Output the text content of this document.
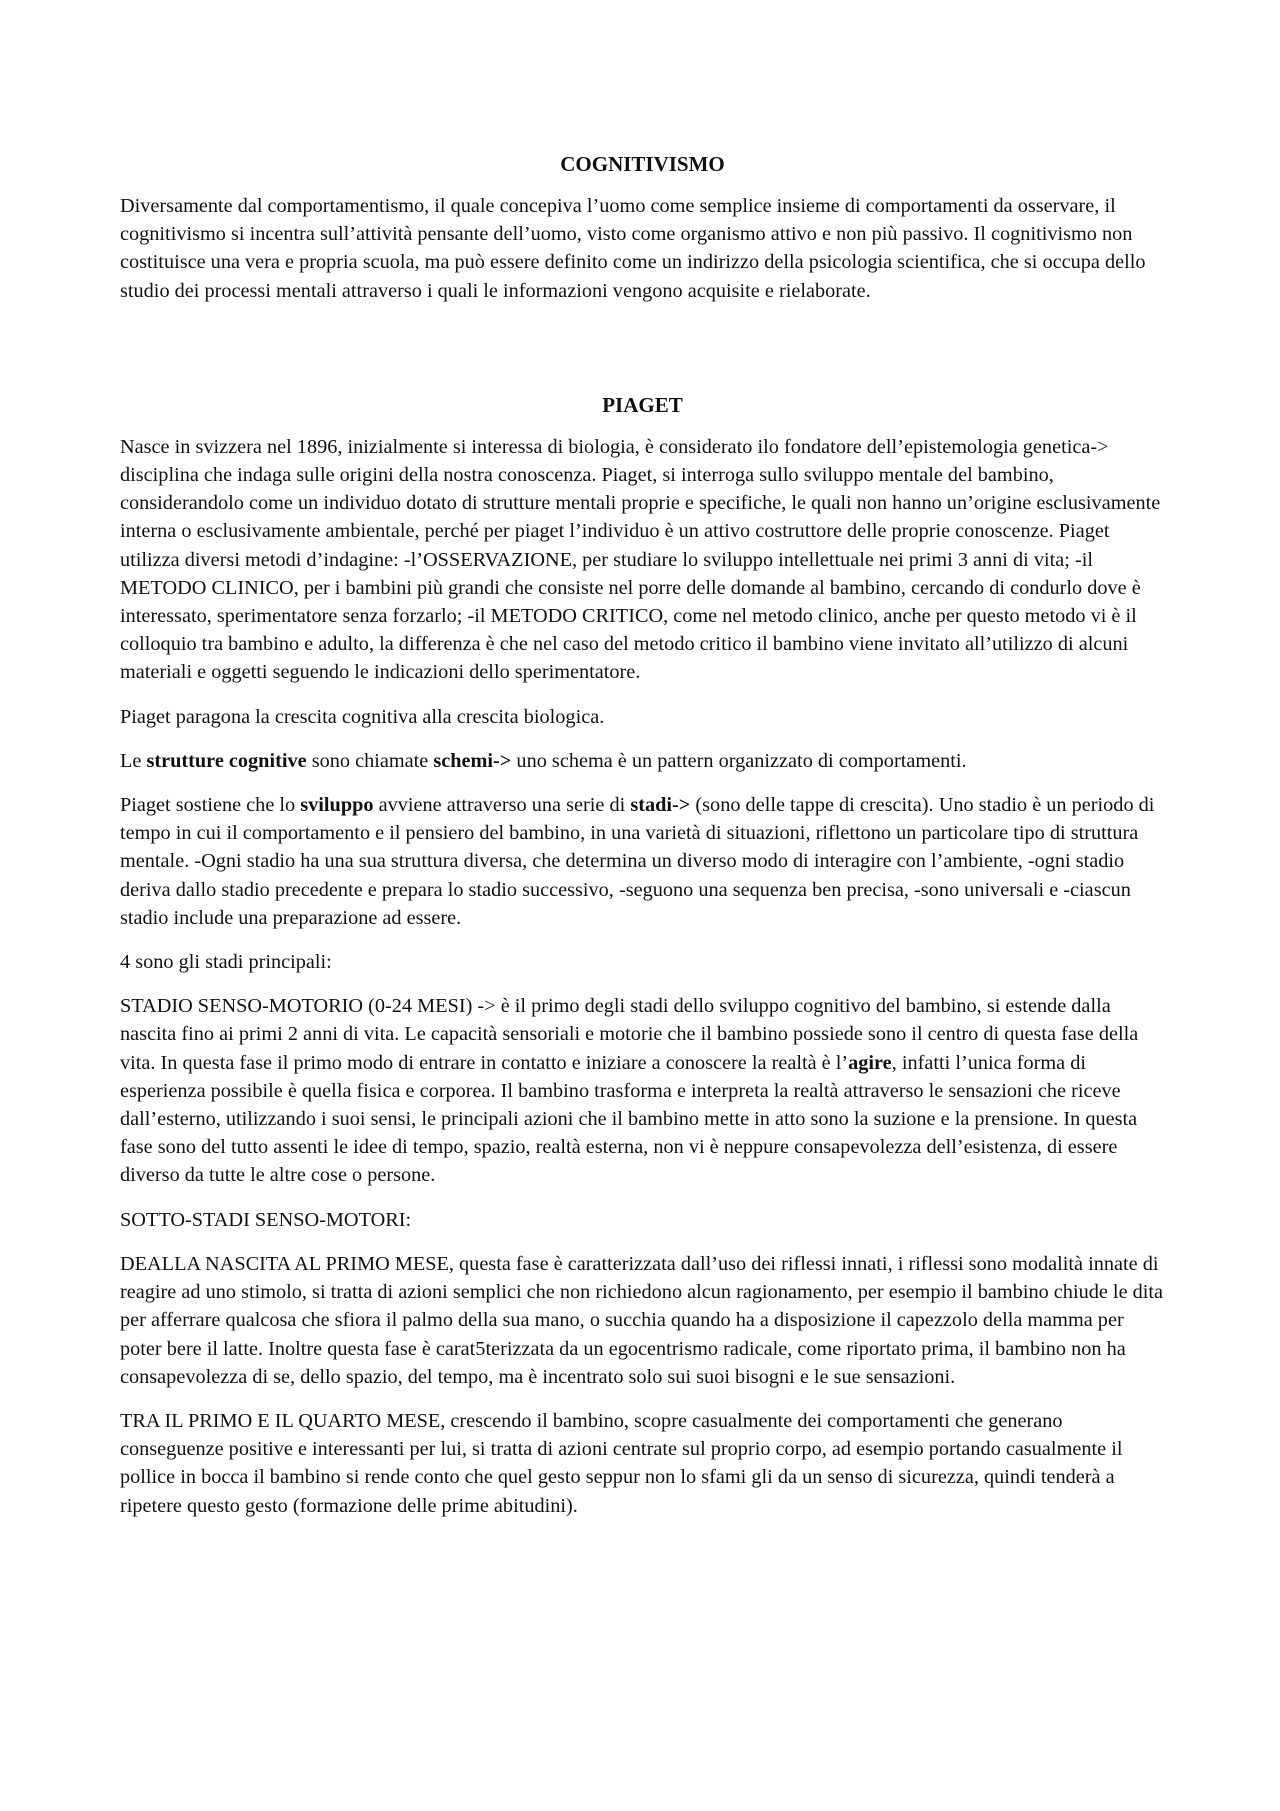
COGNITIVISMO
Diversamente dal comportamentismo, il quale concepiva l’uomo come semplice insieme di comportamenti da osservare, il cognitivismo si incentra sull’attività pensante dell’uomo, visto come organismo attivo e non più passivo. Il cognitivismo non costituisce una vera e propria scuola, ma può essere definito come un indirizzo della psicologia scientifica, che si occupa dello studio dei processi mentali attraverso i quali le informazioni vengono acquisite e rielaborate.
PIAGET
Nasce in svizzera nel 1896, inizialmente si interessa di biologia, è considerato ilo fondatore dell’epistemologia genetica-> disciplina che indaga sulle origini della nostra conoscenza. Piaget, si interroga sullo sviluppo mentale del bambino, considerandolo come un individuo dotato di strutture mentali proprie e specifiche, le quali non hanno un’origine esclusivamente interna o esclusivamente ambientale, perché per piaget l’individuo è un attivo costruttore delle proprie conoscenze. Piaget utilizza diversi metodi d’indagine: -l’OSSERVAZIONE, per studiare lo sviluppo intellettuale nei primi 3 anni di vita; -il METODO CLINICO, per i bambini più grandi che consiste nel porre delle domande al bambino, cercando di condurlo dove è interessato, sperimentatore senza forzarlo; -il METODO CRITICO, come nel metodo clinico, anche per questo metodo vi è il colloquio tra bambino e adulto, la differenza è che nel caso del metodo critico il bambino viene invitato all’utilizzo di alcuni materiali e oggetti seguendo le indicazioni dello sperimentatore.
Piaget paragona la crescita cognitiva alla crescita biologica.
Le strutture cognitive sono chiamate schemi-> uno schema è un pattern organizzato di comportamenti.
Piaget sostiene che lo sviluppo avviene attraverso una serie di stadi-> (sono delle tappe di crescita). Uno stadio è un periodo di tempo in cui il comportamento e il pensiero del bambino, in una varietà di situazioni, riflettono un particolare tipo di struttura mentale. -Ogni stadio ha una sua struttura diversa, che determina un diverso modo di interagire con l’ambiente, -ogni stadio deriva dallo stadio precedente e prepara lo stadio successivo, -seguono una sequenza ben precisa, -sono universali e -ciascun stadio include una preparazione ad essere.
4 sono gli stadi principali:
STADIO SENSO-MOTORIO (0-24 MESI) -> è il primo degli stadi dello sviluppo cognitivo del bambino, si estende dalla nascita fino ai primi 2 anni di vita. Le capacità sensoriali e motorie che il bambino possiede sono il centro di questa fase della vita. In questa fase il primo modo di entrare in contatto e iniziare a conoscere la realtà è l’agire, infatti l’unica forma di esperienza possibile è quella fisica e corporea. Il bambino trasforma e interpreta la realtà attraverso le sensazioni che riceve dall’esterno, utilizzando i suoi sensi, le principali azioni che il bambino mette in atto sono la suzione e la prensione. In questa fase sono del tutto assenti le idee di tempo, spazio, realtà esterna, non vi è neppure consapevolezza dell’esistenza, di essere diverso da tutte le altre cose o persone.
SOTTO-STADI SENSO-MOTORI:
DEALLA NASCITA AL PRIMO MESE, questa fase è caratterizzata dall’uso dei riflessi innati, i riflessi sono modalità innate di reagire ad uno stimolo, si tratta di azioni semplici che non richiedono alcun ragionamento, per esempio il bambino chiude le dita per afferrare qualcosa che sfiora il palmo della sua mano, o succhia quando ha a disposizione il capezzolo della mamma per poter bere il latte. Inoltre questa fase è carat5terizzata da un egocentrismo radicale, come riportato prima, il bambino non ha consapevolezza di se, dello spazio, del tempo, ma è incentrato solo sui suoi bisogni e le sue sensazioni.
TRA IL PRIMO E IL QUARTO MESE, crescendo il bambino, scopre casualmente dei comportamenti che generano conseguenze positive e interessanti per lui, si tratta di azioni centrate sul proprio corpo, ad esempio portando casualmente il pollice in bocca il bambino si rende conto che quel gesto seppur non lo sfami gli da un senso di sicurezza, quindi tenderà a ripetere questo gesto (formazione delle prime abitudini).
